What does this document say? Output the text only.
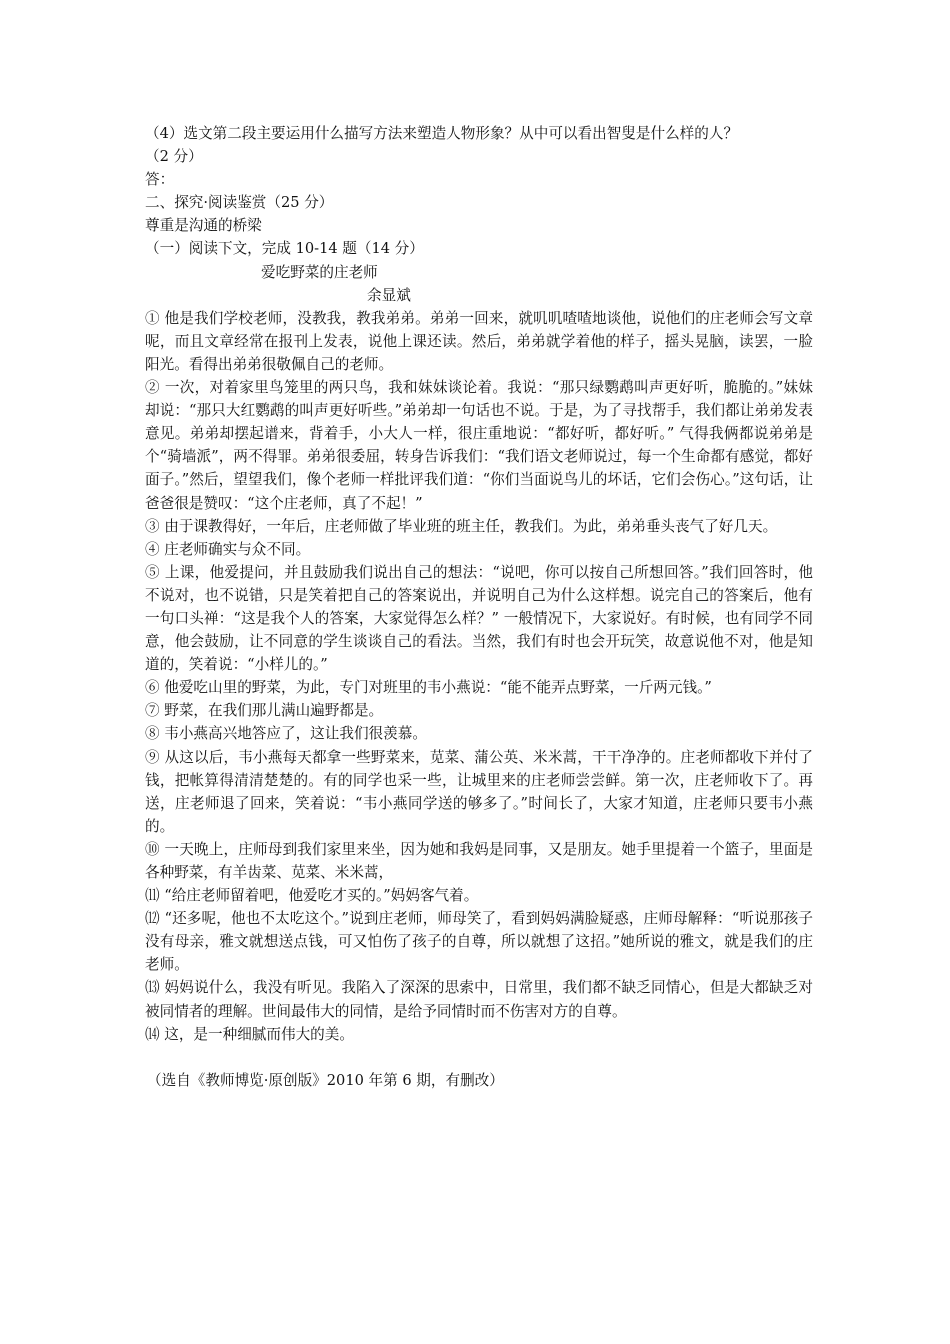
（4）选文第二段主要运用什么描写方法来塑造人物形象？从中可以看出智叟是什么样的人？
（2 分）

答：

二、探究·阅读鉴赏（25 分）

尊重是沟通的桥梁

（一）阅读下文，完成 10-14 题（14 分）

爱吃野菜的庄老师

余显斌

① 他是我们学校老师，没教我，教我弟弟。弟弟一回来，就叽叽喳喳地谈他，说他们的庄老师会写文章呢，而且文章经常在报刊上发表，说他上课还读。然后，弟弟就学着他的样子，摇头晃脑，读罢，一脸阳光。看得出弟弟很敬佩自己的老师。

② 一次，对着家里鸟笼里的两只鸟，我和妹妹谈论着。我说：“那只绿鹦鹉叫声更好听，脆脆的。”妹妹却说：“那只大红鹦鹉的叫声更好听些。”弟弟却一句话也不说。于是，为了寻找帮手，我们都让弟弟发表意见。弟弟却摆起谱来，背着手，小大人一样，很庄重地说：“都好听，都好听。” 气得我俩都说弟弟是个“骑墙派”，两不得罪。弟弟很委屈，转身告诉我们：“我们语文老师说过，每一个生命都有感觉，都好面子。”然后，望望我们，像个老师一样批评我们道：“你们当面说鸟儿的坏话，它们会伤心。”这句话，让爸爸很是赞叹：“这个庄老师，真了不起！”

③ 由于课教得好，一年后，庄老师做了毕业班的班主任，教我们。为此，弟弟垂头丧气了好几天。

④ 庄老师确实与众不同。

⑤ 上课，他爱提问，并且鼓励我们说出自己的想法：“说吧，你可以按自己所想回答。”我们回答时，他不说对，也不说错，只是笑着把自己的答案说出，并说明自己为什么这样想。说完自己的答案后，他有一句口头禅：“这是我个人的答案，大家觉得怎么样？” 一般情况下，大家说好。有时候，也有同学不同意，他会鼓励，让不同意的学生谈谈自己的看法。当然，我们有时也会开玩笑，故意说他不对，他是知道的，笑着说：“小样儿的。”

⑥ 他爱吃山里的野菜，为此，专门对班里的韦小燕说：“能不能弄点野菜，一斤两元钱。”

⑦ 野菜，在我们那儿满山遍野都是。

⑧ 韦小燕高兴地答应了，这让我们很羡慕。

⑨ 从这以后，韦小燕每天都拿一些野菜来，苋菜、蒲公英、米米蒿，干干净净的。庄老师都收下并付了钱，把帐算得清清楚楚的。有的同学也采一些，让城里来的庄老师尝尝鲜。第一次，庄老师收下了。再送，庄老师退了回来，笑着说：“韦小燕同学送的够多了。”时间长了，大家才知道，庄老师只要韦小燕的。

⑩ 一天晚上，庄师母到我们家里来坐，因为她和我妈是同事，又是朋友。她手里提着一个篮子，里面是各种野菜，有羊齿菜、苋菜、米米蒿，

⑾ “给庄老师留着吧，他爱吃才买的。”妈妈客气着。

⑿ “还多呢，他也不太吃这个。”说到庄老师，师母笑了，看到妈妈满脸疑惑，庄师母解释：“听说那孩子没有母亲，雅文就想送点钱，可又怕伤了孩子的自尊，所以就想了这招。”她所说的雅文，就是我们的庄老师。

⒀ 妈妈说什么，我没有听见。我陷入了深深的思索中，日常里，我们都不缺乏同情心，但是大都缺乏对被同情者的理解。世间最伟大的同情，是给予同情时而不伤害对方的自尊。

⒁ 这，是一种细腻而伟大的美。

（选自《教师博览·原创版》2010 年第 6 期，有删改）
